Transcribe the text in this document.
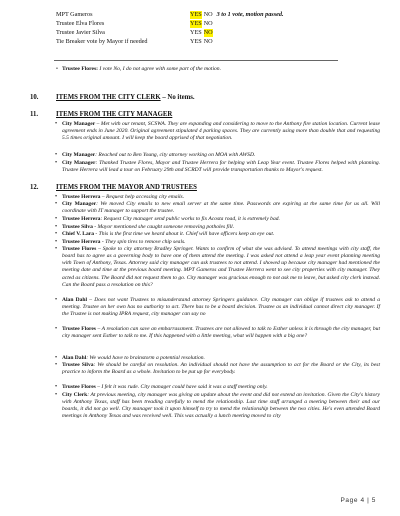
MPT Gameros	YES NO 3 to 1 vote, motion passed.
Trustee Elva Flores	YES NO
Trustee Javier Silva	YES NO
Tie Breaker vote by Mayor if needed	YES NO
• Trustee Flores: I vote No, I do not agree with some part of the motion.
10.	ITEMS FROM THE CITY CLERK – No items.
11.	ITEMS FROM THE CITY MANAGER
• City Manager – Met with our tenant, SCSWA. They are expanding and considering to move to the Anthony fire station location. Current lease agreement ends in June 2020. Original agreement stipulated 4 parking spaces. They are currently using more than double that and requesting 5.5 times original amount. I will keep the board apprised of that negotiation.
• City Manager: Reached out to Ben Young, city attorney working on MOA with AWSD.
• City Manager: Thanked Trustee Flores, Mayor and Trustee Herrera for helping with Leap Year event. Trustee Flores helped with planning. Trustee Herrera will lead a tour on February 29th and SCRDT will provide transportation thanks to Mayor's request.
12.	ITEMS FROM THE MAYOR AND TRUSTEES
• Trustee Herrera – Request help accessing city emails.
• City Manager: We moved City emails to new email server at the same time. Passwords are expiring at the same time for us all. Will coordinate with IT manager to support the trustee.
• Trustee Herrera: Request City manager send public works to fix Acosta road, it is extremely bad.
• Trustee Silva - Mayor mentioned she caught someone removing potholes fill.
• Chief V. Lara - This is the first time we heard about it. Chief will have officers keep an eye out.
• Trustee Herrera - They spin tires to remove chip seals.
• Trustee Flores – Spoke to city attorney Bradley Springer. Wants to confirm of what she was advised. To attend meetings with city staff, the board has to agree as a governing body to have one of them attend the meeting. I was asked not attend a leap year event planning meeting with Town of Anthony, Texas. Attorney said city manager can ask trustees to not attend. I showed up because city manager had mentioned the meeting date and time at the previous board meeting. MPT Gameros and Trustee Herrera went to see city properties with city manager. They acted as citizens. The Board did not request them to go. City manager was gracious enough to not ask me to leave, but asked city clerk instead. Can the Board pass a resolution on this?
• Alan Dahl – Does not want Trustees to misunderstand attorney Springers guidance. City manager can oblige if trustees ask to attend a meeting. Trustee on her own has no authority to act. There has to be a board decision. Trustee as an individual cannot direct city manager. If the Trustee is not making IPRA request, city manager can say no
• Trustee Flores – A resolution can save an embarrassment. Trustees are not allowed to talk to Esther unless it is through the city manager, but city manager sent Esther to talk to me. If this happened with a little meeting, what will happen with a big one?
• Alan Dahl: We would have to brainstorm a potential resolution.
• Trustee Silva: We should be careful on resolution. An individual should not have the assumption to act for the Board or the City, its best practice to inform the Board as a whole. Invitation to be put up for everybody.
• Trustee Flores – I felt it was rude. City manager could have said it was a staff meeting only.
• City Clerk: At previous meeting, city manager was giving an update about the event and did not extend an invitation. Given the City's history with Anthony Texas, staff has been treading carefully to mend the relationship. Last time staff arranged a meeting between their and our boards, it did not go well. City manager took it upon himself to try to mend the relationship between the two cities. He's even attended Board meetings in Anthony Texas and was received well. This was actually a lunch meeting moved to city
Page 4 | 5
